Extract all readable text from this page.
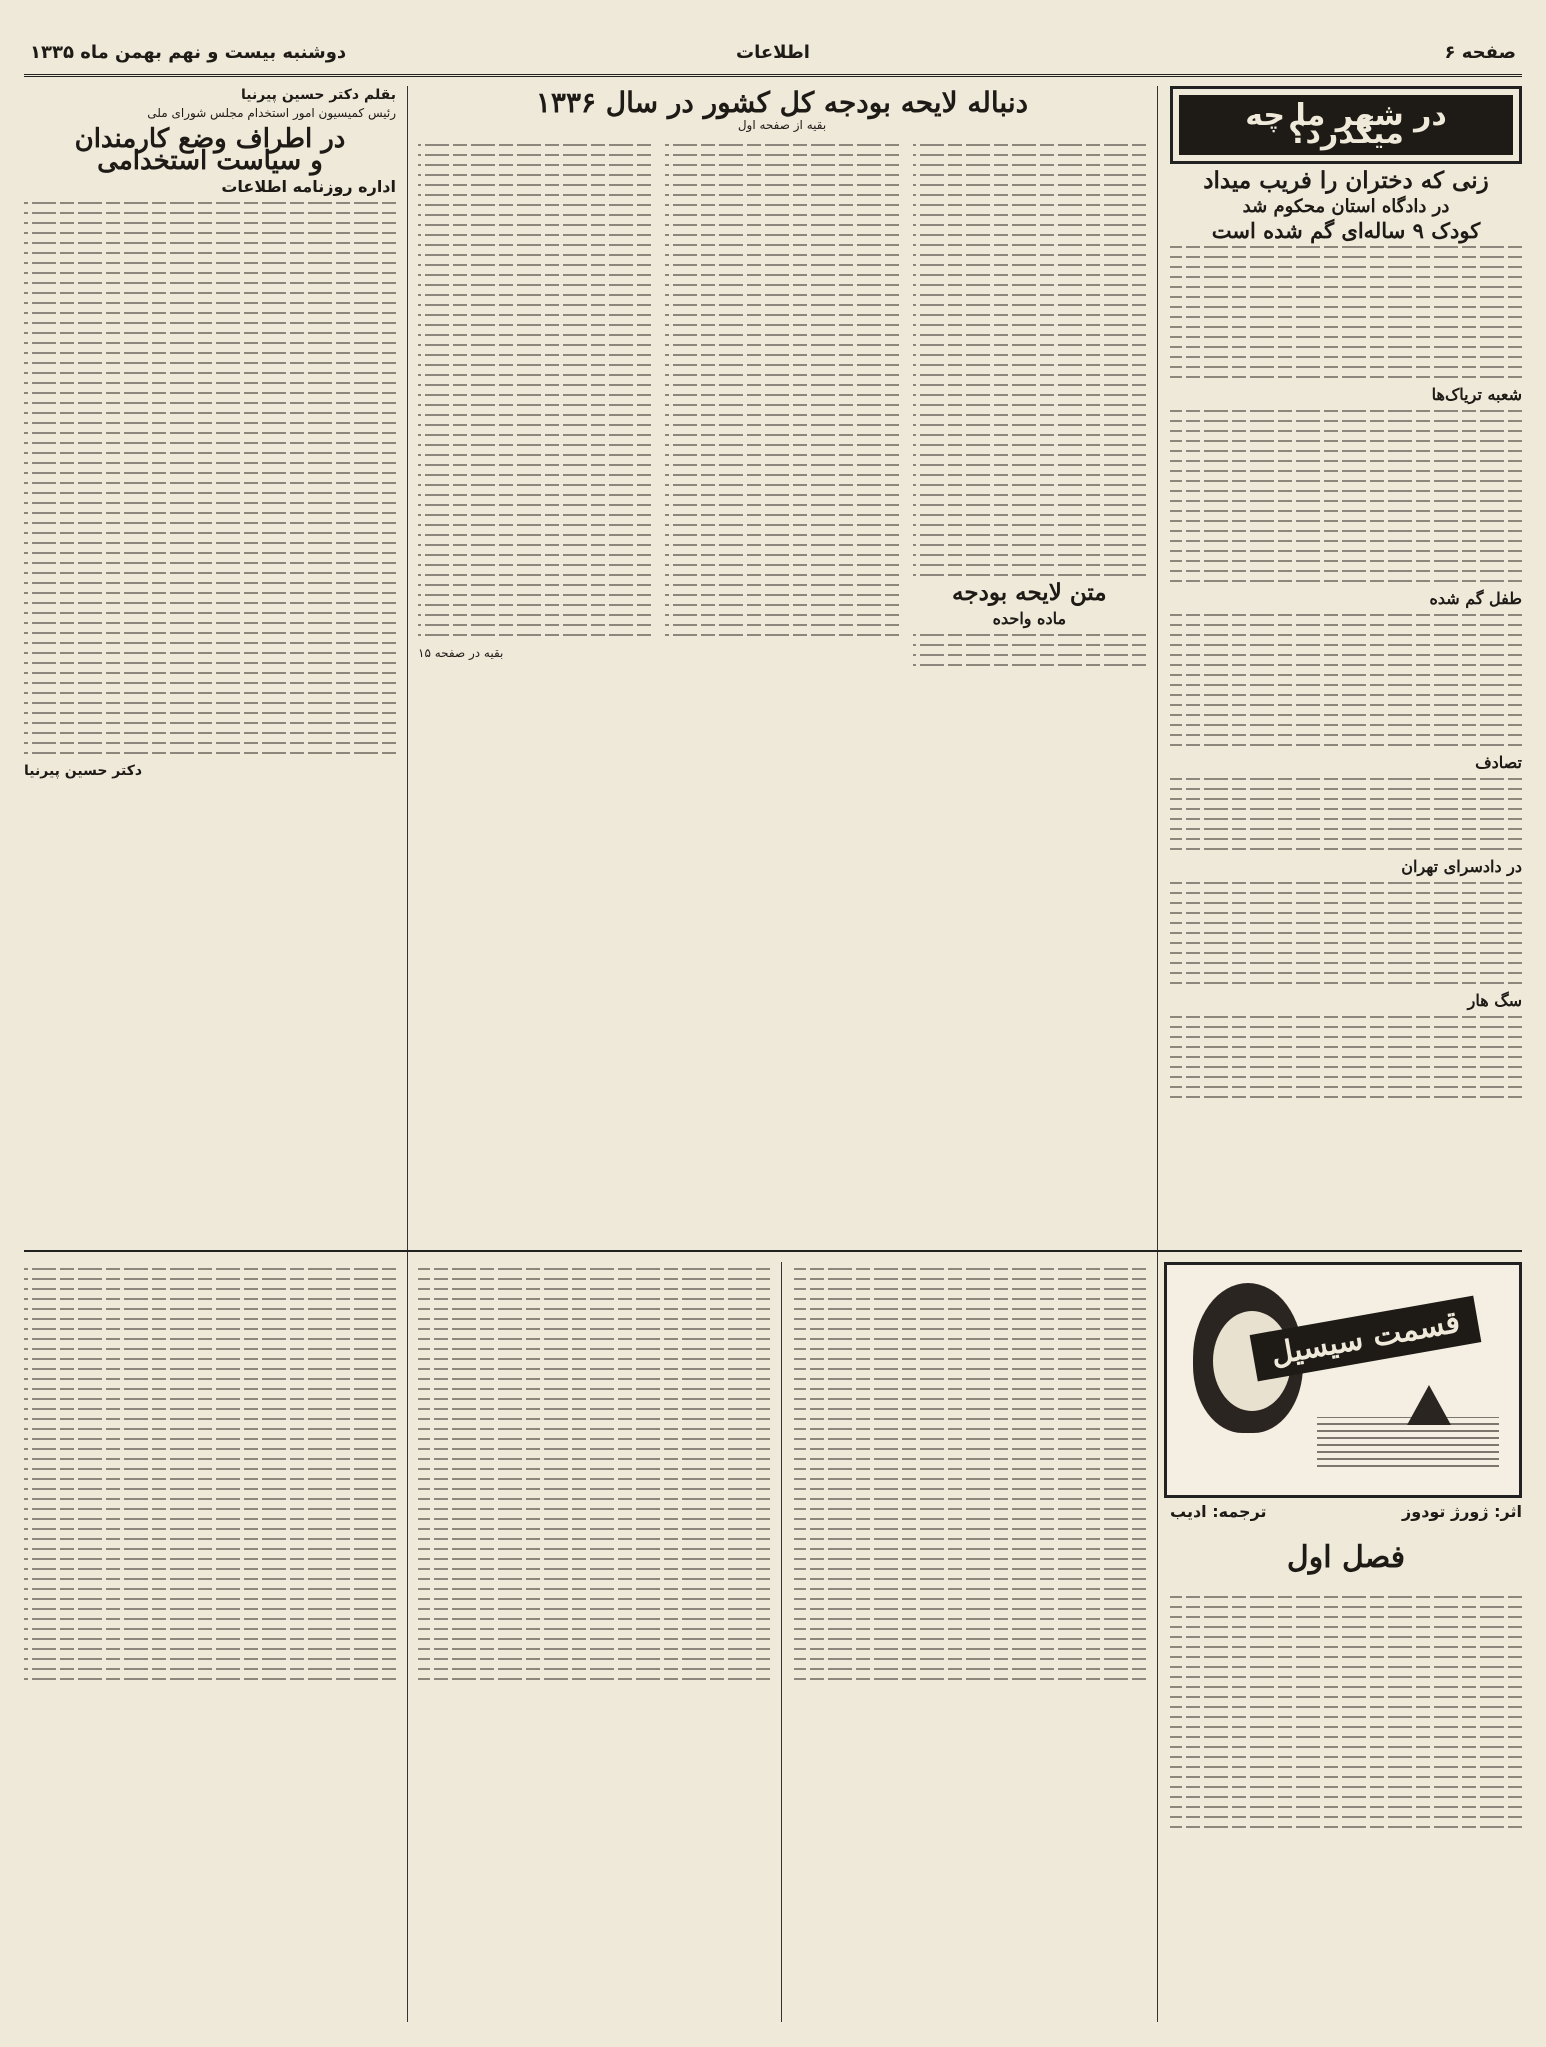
صفحه ۶
اطلاعات
دوشنبه بیست و نهم بهمن ماه ۱۳۳۵
در شهر ما چه میگذرد؟
زنی که دختران را فریب میداد
در دادگاه استان محکوم شد
کودک ۹ ساله‌ای گم شده است
شعبه تریاک‌ها
طفل گم شده
تصادف
در دادسرای تهران
سگ هار
دنباله لایحه بودجه کل کشور در سال ۱۳۳۶
بقیه از صفحه اول
متن لایحه بودجه
ماده واحده
بقیه در صفحه ۱۵
بقلم دکتر حسین پیرنیا
رئیس کمیسیون امور استخدام مجلس شورای ملی
در اطراف وضع کارمندان
و سیاست استخدامی
اداره روزنامه اطلاعات
دکتر حسین پیرنیا
قسمت سیسیل
اثر: ژورژ تودوز
ترجمه: ادیب
فصل اول
